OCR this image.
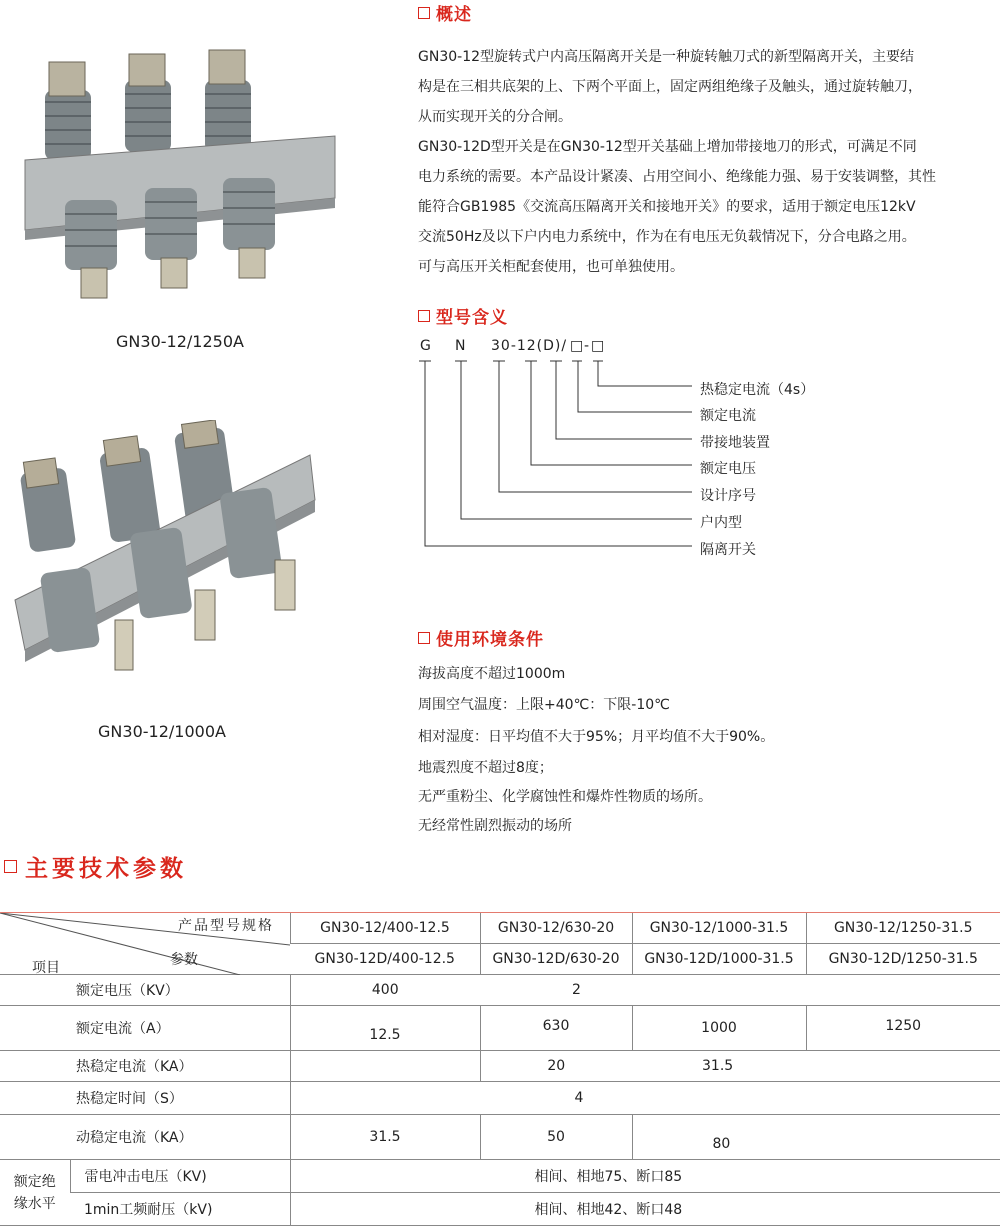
GN30-12/1250A
GN30-12/1000A
概述

GN30-12型旋转式户内高压隔离开关是一种旋转触刀式的新型隔离开关，主要结

构是在三相共底架的上、下两个平面上，固定两组绝缘子及触头，通过旋转触刀，

从而实现开关的分合闸。

GN30-12D型开关是在GN30-12型开关基础上增加带接地刀的形式，可满足不同

电力系统的需要。本产品设计紧凑、占用空间小、绝缘能力强、易于安装调整，其性

能符合GB1985《交流高压隔离开关和接地开关》的要求，适用于额定电压12kV

交流50Hz及以下户内电力系统中，作为在有电压无负载情况下，分合电路之用。

可与高压开关柜配套使用，也可单独使用。

型号含义
G N 30-12(D)/ □ - □
热稳定电流（4s）
额定电流
带接地装置
额定电压
设计序号
户内型
隔离开关
使用环境条件
海拔高度不超过1000m
周围空气温度：上限+40℃：下限-10℃
相对湿度：日平均值不大于95%；月平均值不大于90%。
地震烈度不超过8度；
无严重粉尘、化学腐蚀性和爆炸性物质的场所。
无经常性剧烈振动的场所
主要技术参数
产品型号规格
参数
项目		GN30-12/400-12.5	GN30-12/630-20	GN30-12/1000-31.5	GN30-12/1250-31.5
		GN30-12D/400-12.5	GN30-12D/630-20	GN30-12D/1000-31.5	GN30-12D/1250-31.5
额定电压（KV）		400	2		
额定电流（A）		12.5	630	1000	1250
热稳定电流（KA）			20	31.5	
热稳定时间（S）		4			
动稳定电流（KA）		31.5	50	80	

额定绝
缘水平	雷电冲击电压（KV)	相间、相地75、断口85			
	1min工频耐压（kV)	相间、相地42、断口48			
